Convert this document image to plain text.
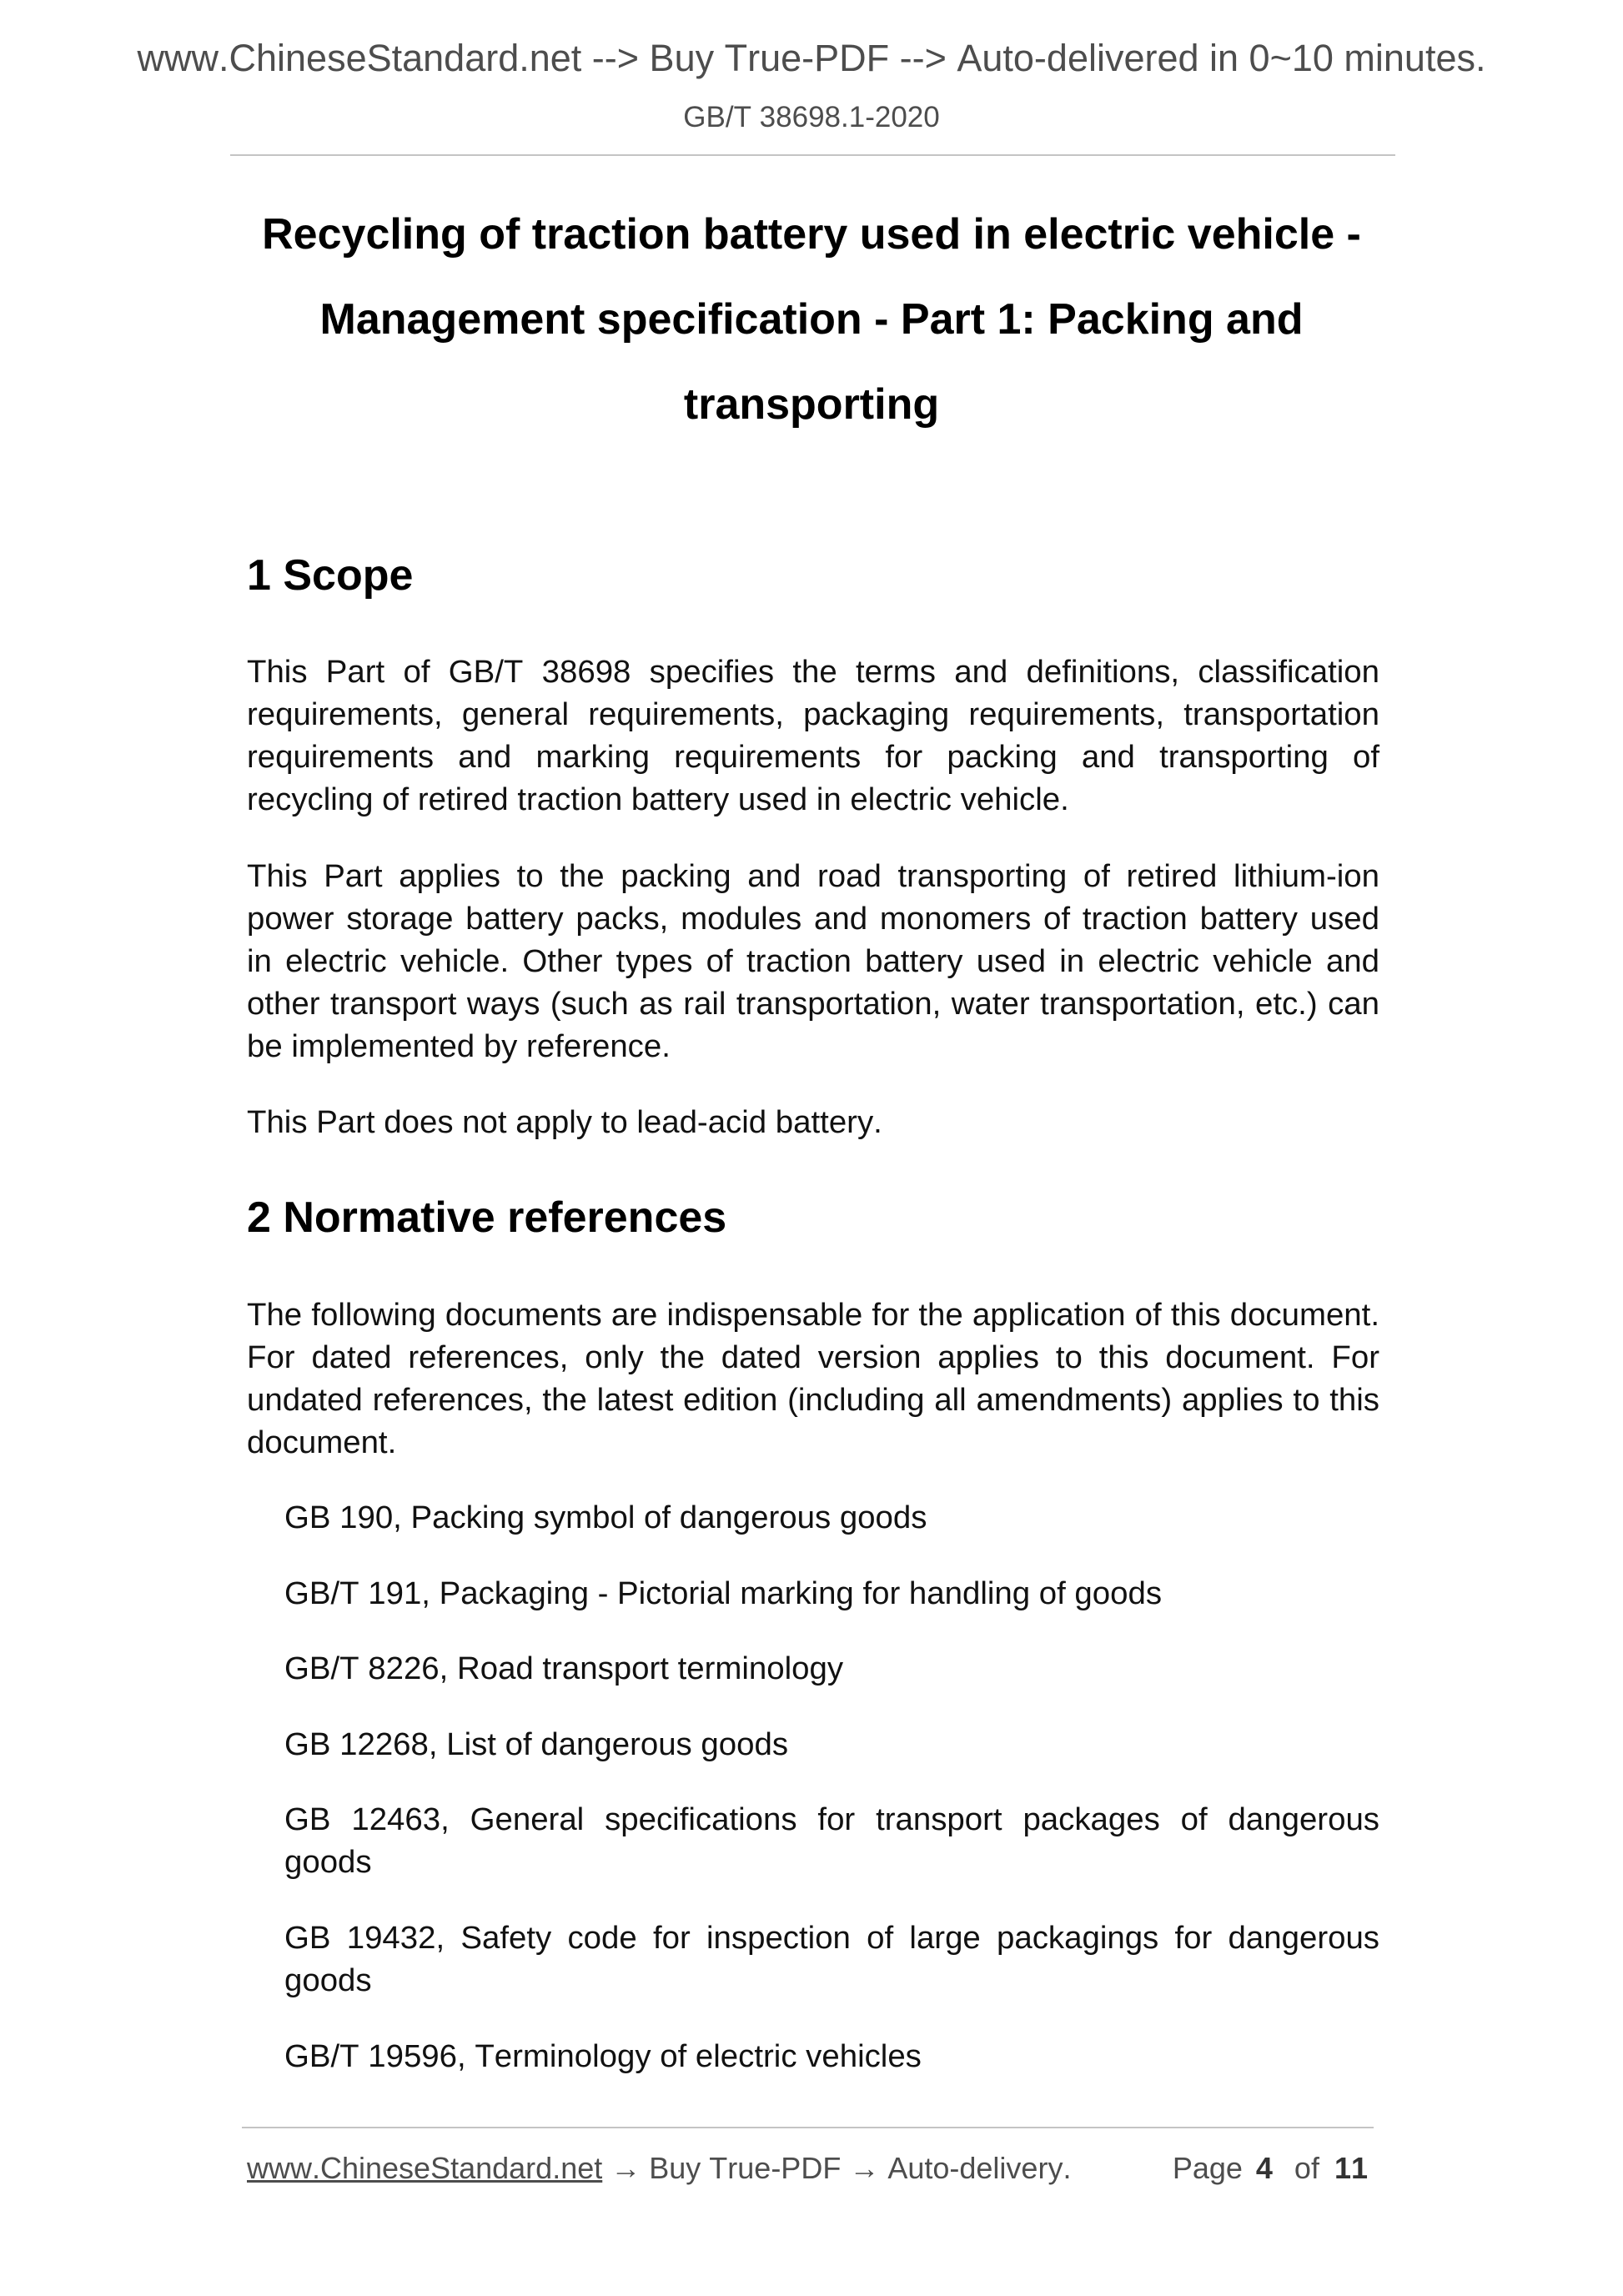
www.ChineseStandard.net --> Buy True-PDF --> Auto-delivered in 0~10 minutes.
GB/T 38698.1-2020
Recycling of traction battery used in electric vehicle -
Management specification - Part 1: Packing and
transporting
1 Scope
This Part of GB/T 38698 specifies the terms and definitions, classification
requirements, general requirements, packaging requirements, transportation
requirements and marking requirements for packing and transporting of
recycling of retired traction battery used in electric vehicle.
This Part applies to the packing and road transporting of retired lithium-ion
power storage battery packs, modules and monomers of traction battery used
in electric vehicle. Other types of traction battery used in electric vehicle and
other transport ways (such as rail transportation, water transportation, etc.) can
be implemented by reference.
This Part does not apply to lead-acid battery.
2 Normative references
The following documents are indispensable for the application of this document.
For dated references, only the dated version applies to this document. For
undated references, the latest edition (including all amendments) applies to this
document.
GB 190, Packing symbol of dangerous goods
GB/T 191, Packaging - Pictorial marking for handling of goods
GB/T 8226, Road transport terminology
GB 12268, List of dangerous goods
GB 12463, General specifications for transport packages of dangerous
goods
GB 19432, Safety code for inspection of large packagings for dangerous
goods
GB/T 19596, Terminology of electric vehicles
www.ChineseStandard.net → Buy True-PDF → Auto-delivery.	Page 4 of 11
